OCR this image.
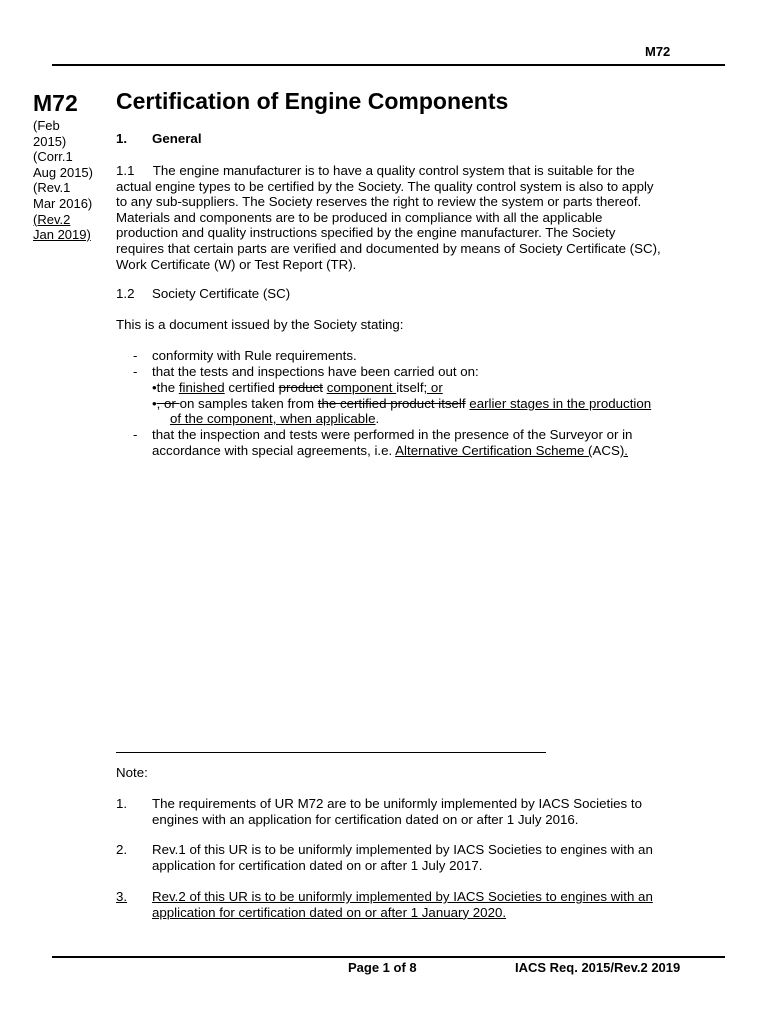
M72
M72
(Feb
2015)
(Corr.1
Aug 2015)
(Rev.1
Mar 2016)
(Rev.2
Jan 2019)
Certification of Engine Components
1. General
1.1     The engine manufacturer is to have a quality control system that is suitable for the
actual engine types to be certified by the Society. The quality control system is also to apply
to any sub-suppliers. The Society reserves the right to review the system or parts thereof.
Materials and components are to be produced in compliance with all the applicable
production and quality instructions specified by the engine manufacturer. The Society
requires that certain parts are verified and documented by means of Society Certificate (SC),
Work Certificate (W) or Test Report (TR).
1.2 Society Certificate (SC)
This is a document issued by the Society stating:
- conformity with Rule requirements.
- that the tests and inspections have been carried out on:
•the finished certified product component itself; or
•, or on samples taken from the certified product itself earlier stages in the production
of the component, when applicable.
- that the inspection and tests were performed in the presence of the Surveyor or in
accordance with special agreements, i.e. Alternative Certification Scheme (ACS).
Note:
1. The requirements of UR M72 are to be uniformly implemented by IACS Societies to
engines with an application for certification dated on or after 1 July 2016.
2. Rev.1 of this UR is to be uniformly implemented by IACS Societies to engines with an
application for certification dated on or after 1 July 2017.
3. Rev.2 of this UR is to be uniformly implemented by IACS Societies to engines with an
application for certification dated on or after 1 January 2020.
Page 1 of 8	IACS Req. 2015/Rev.2 2019
